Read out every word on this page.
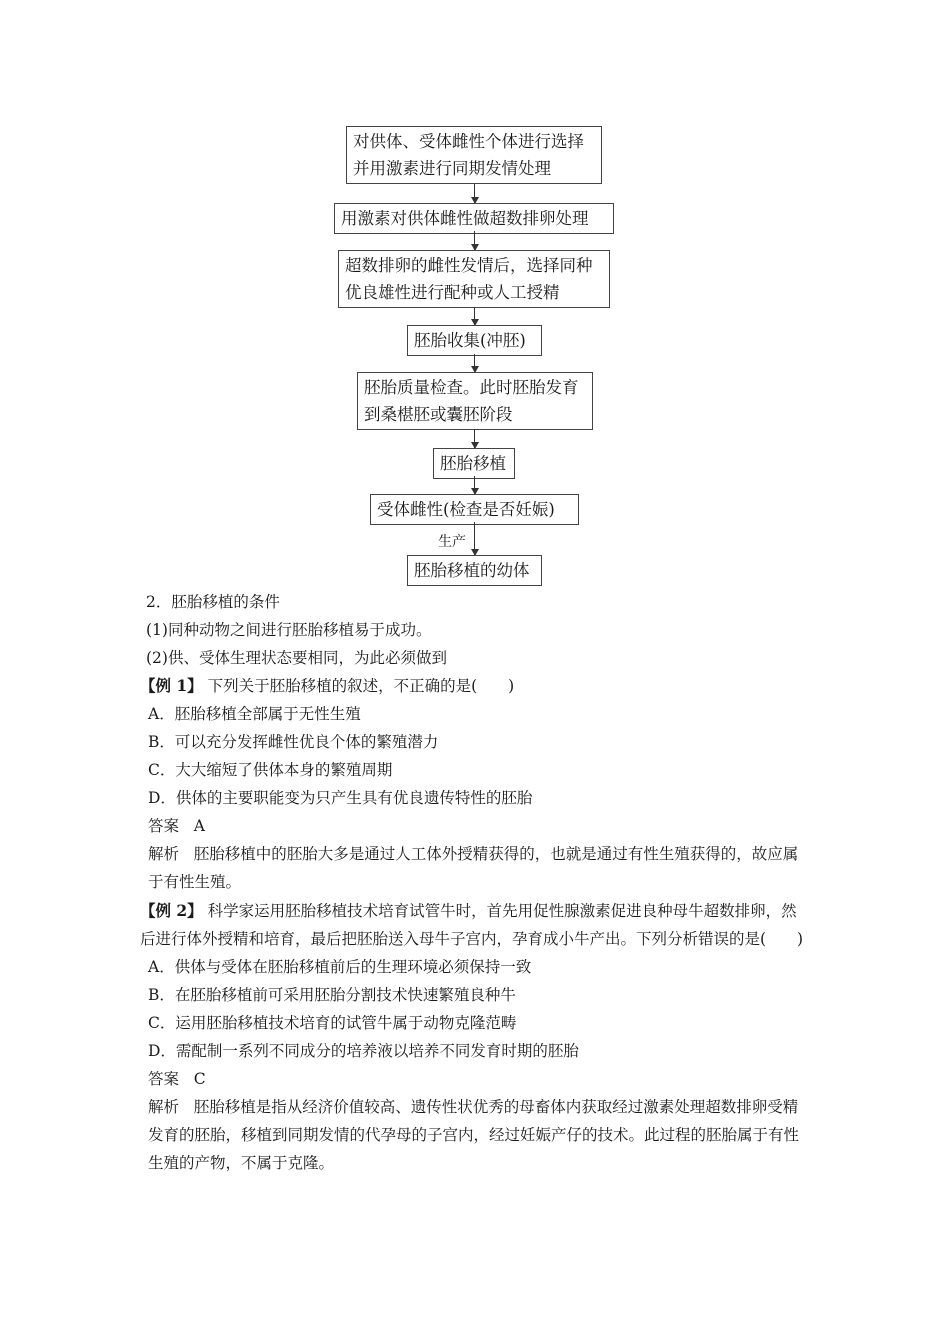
对供体、受体雌性个体进行选择
并用激素进行同期发情处理
用激素对供体雌性做超数排卵处理
超数排卵的雌性发情后，选择同种
优良雄性进行配种或人工授精
胚胎收集(冲胚)
胚胎质量检查。此时胚胎发育
到桑椹胚或囊胚阶段
胚胎移植
受体雌性(检查是否妊娠)
生产
胚胎移植的幼体
2．胚胎移植的条件
(1)同种动物之间进行胚胎移植易于成功。
(2)供、受体生理状态要相同，为此必须做到
【例 1】 下列关于胚胎移植的叙述，不正确的是(　　)
A．胚胎移植全部属于无性生殖
B．可以充分发挥雌性优良个体的繁殖潜力
C．大大缩短了供体本身的繁殖周期
D．供体的主要职能变为只产生具有优良遗传特性的胚胎
答案 A
解析 胚胎移植中的胚胎大多是通过人工体外授精获得的，也就是通过有性生殖获得的，故应属于有性生殖。
【例 2】 科学家运用胚胎移植技术培育试管牛时，首先用促性腺激素促进良种母牛超数排卵，然后进行体外授精和培育，最后把胚胎送入母牛子宫内，孕育成小牛产出。下列分析错误的是(　　)
A．供体与受体在胚胎移植前后的生理环境必须保持一致
B．在胚胎移植前可采用胚胎分割技术快速繁殖良种牛
C．运用胚胎移植技术培育的试管牛属于动物克隆范畴
D．需配制一系列不同成分的培养液以培养不同发育时期的胚胎
答案 C
解析 胚胎移植是指从经济价值较高、遗传性状优秀的母畜体内获取经过激素处理超数排卵受精发育的胚胎，移植到同期发情的代孕母的子宫内，经过妊娠产仔的技术。此过程的胚胎属于有性生殖的产物，不属于克隆。
